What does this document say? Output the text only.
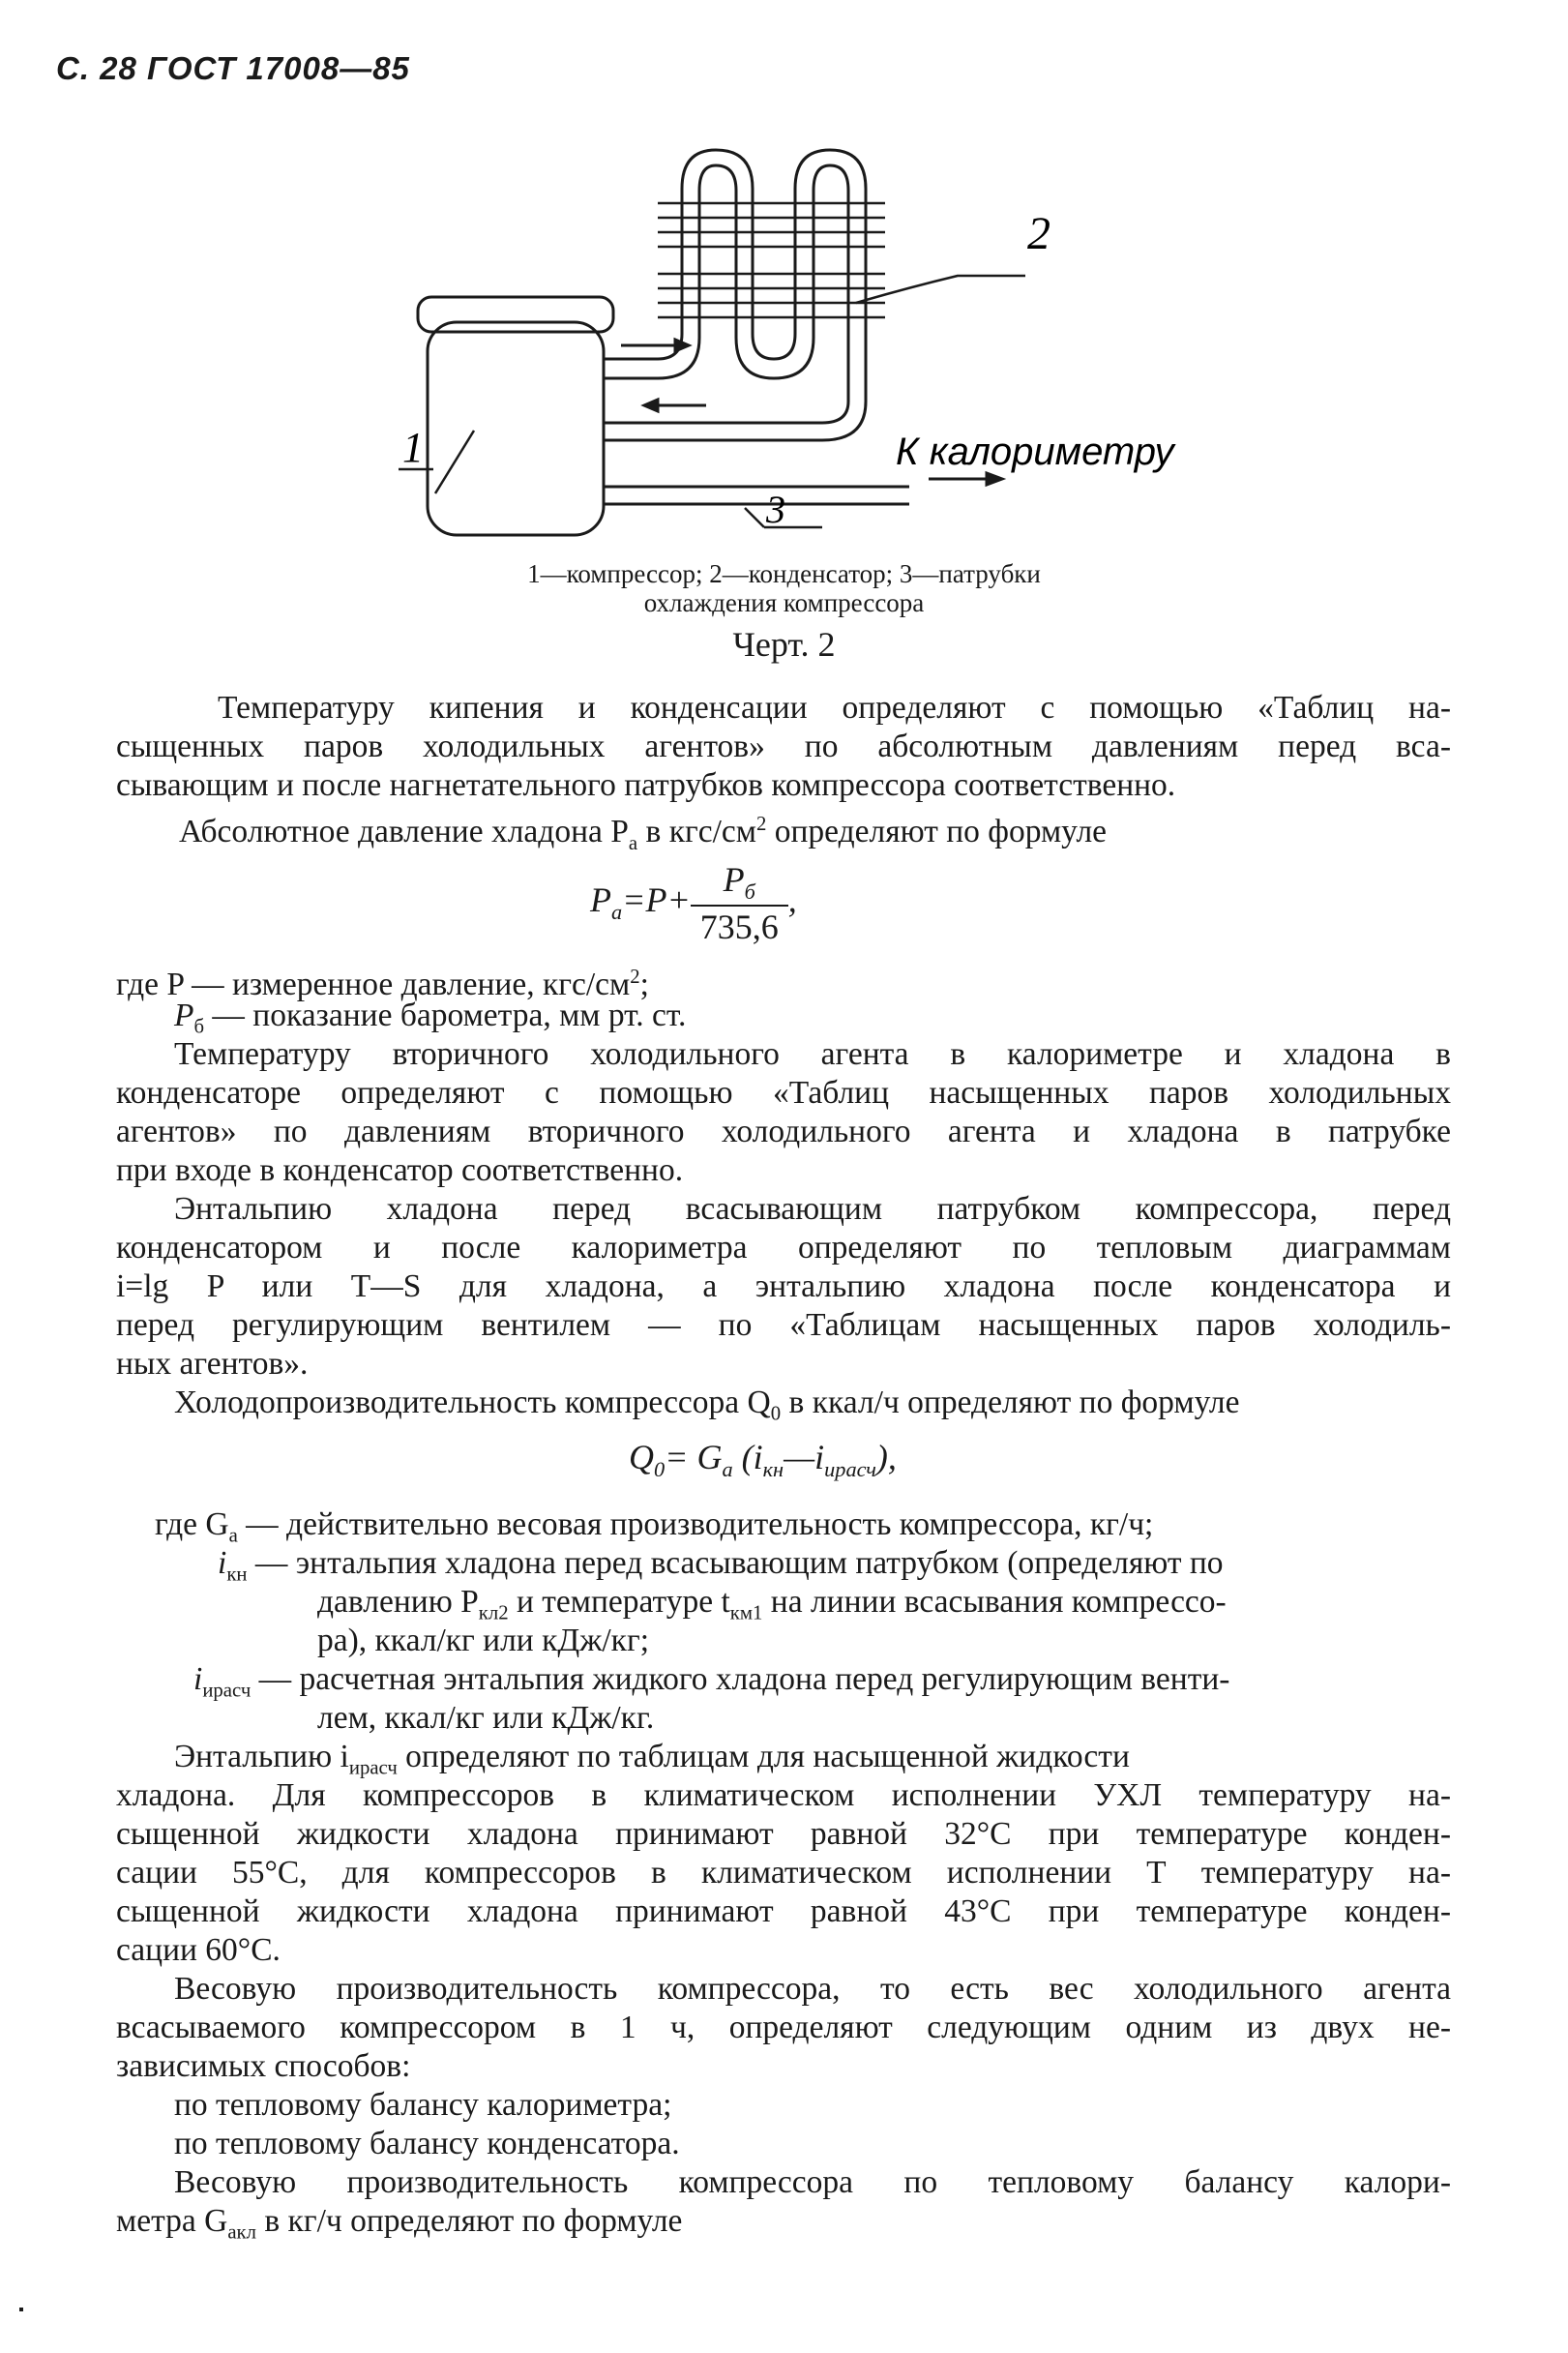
С. 28 ГОСТ 17008—85
1
2
3
К калориметру
1—компрессор; 2—конденсатор; 3—патрубки
охлаждения компрессора
Черт. 2
Температуру кипения и конденсации определяют с помощью «Таблиц на-
сыщенных паров холодильных агентов» по абсолютным давлениям перед вса-
сывающим и после нагнетательного патрубков компрессора соответственно.
Абсолютное давление хладона $P_а$ в кгс/$см^2$ определяют по формуле
$P_а=P+ \frac{P_б}{735,6}$ ,
где P — измеренное давление, кгс/$см^2$;
$P_б$ — показание барометра, мм рт. ст.
Температуру вторичного холодильного агента в калориметре и хладона в
конденсаторе определяют с помощью «Таблиц насыщенных паров холодильных
агентов» по давлениям вторичного холодильного агента и хладона в патрубке
при входе в конденсатор соответственно.
Энтальпию хладона перед всасывающим патрубком компрессора, перед
конденсатором и после калориметра определяют по тепловым диаграммам
i=lg P или T—S для хладона, а энтальпию хладона после конденсатора и
перед регулирующим вентилем — по «Таблицам насыщенных паров холодиль-
ных агентов».
Холодопроизводительность компрессора $Q_0$ в ккал/ч определяют по формуле
$Q_0= G_а$ $(i_{кн}—i_{ирасч})$,
где $G_а$ — действительно весовая производительность компрессора, кг/ч;
$i_{кн}$ — энтальпия хладона перед всасывающим патрубком (определяют по
давлению $P_{кл2}$ и температуре $t_{км1}$ на линии всасывания компрессо-
ра), ккал/кг или кДж/кг;
$i_{ирасч}$ — расчетная энтальпия жидкого хладона перед регулирующим венти-
лем, ккал/кг или кДж/кг.
Энтальпию $i_{ирасч}$ определяют по таблицам для насыщенной жидкости
хладона. Для компрессоров в климатическом исполнении УХЛ температуру на-
сыщенной жидкости хладона принимают равной 32°С при температуре конден-
сации 55°С, для компрессоров в климатическом исполнении Т температуру на-
сыщенной жидкости хладона принимают равной 43°С при температуре конден-
сации 60°С.
Весовую производительность компрессора, то есть вес холодильного агента
всасываемого компрессором в 1 ч, определяют следующим одним из двух не-
зависимых способов:
по тепловому балансу калориметра;
по тепловому балансу конденсатора.
Весовую производительность компрессора по тепловому балансу калори-
метра $G_{акл}$ в кг/ч определяют по формуле
